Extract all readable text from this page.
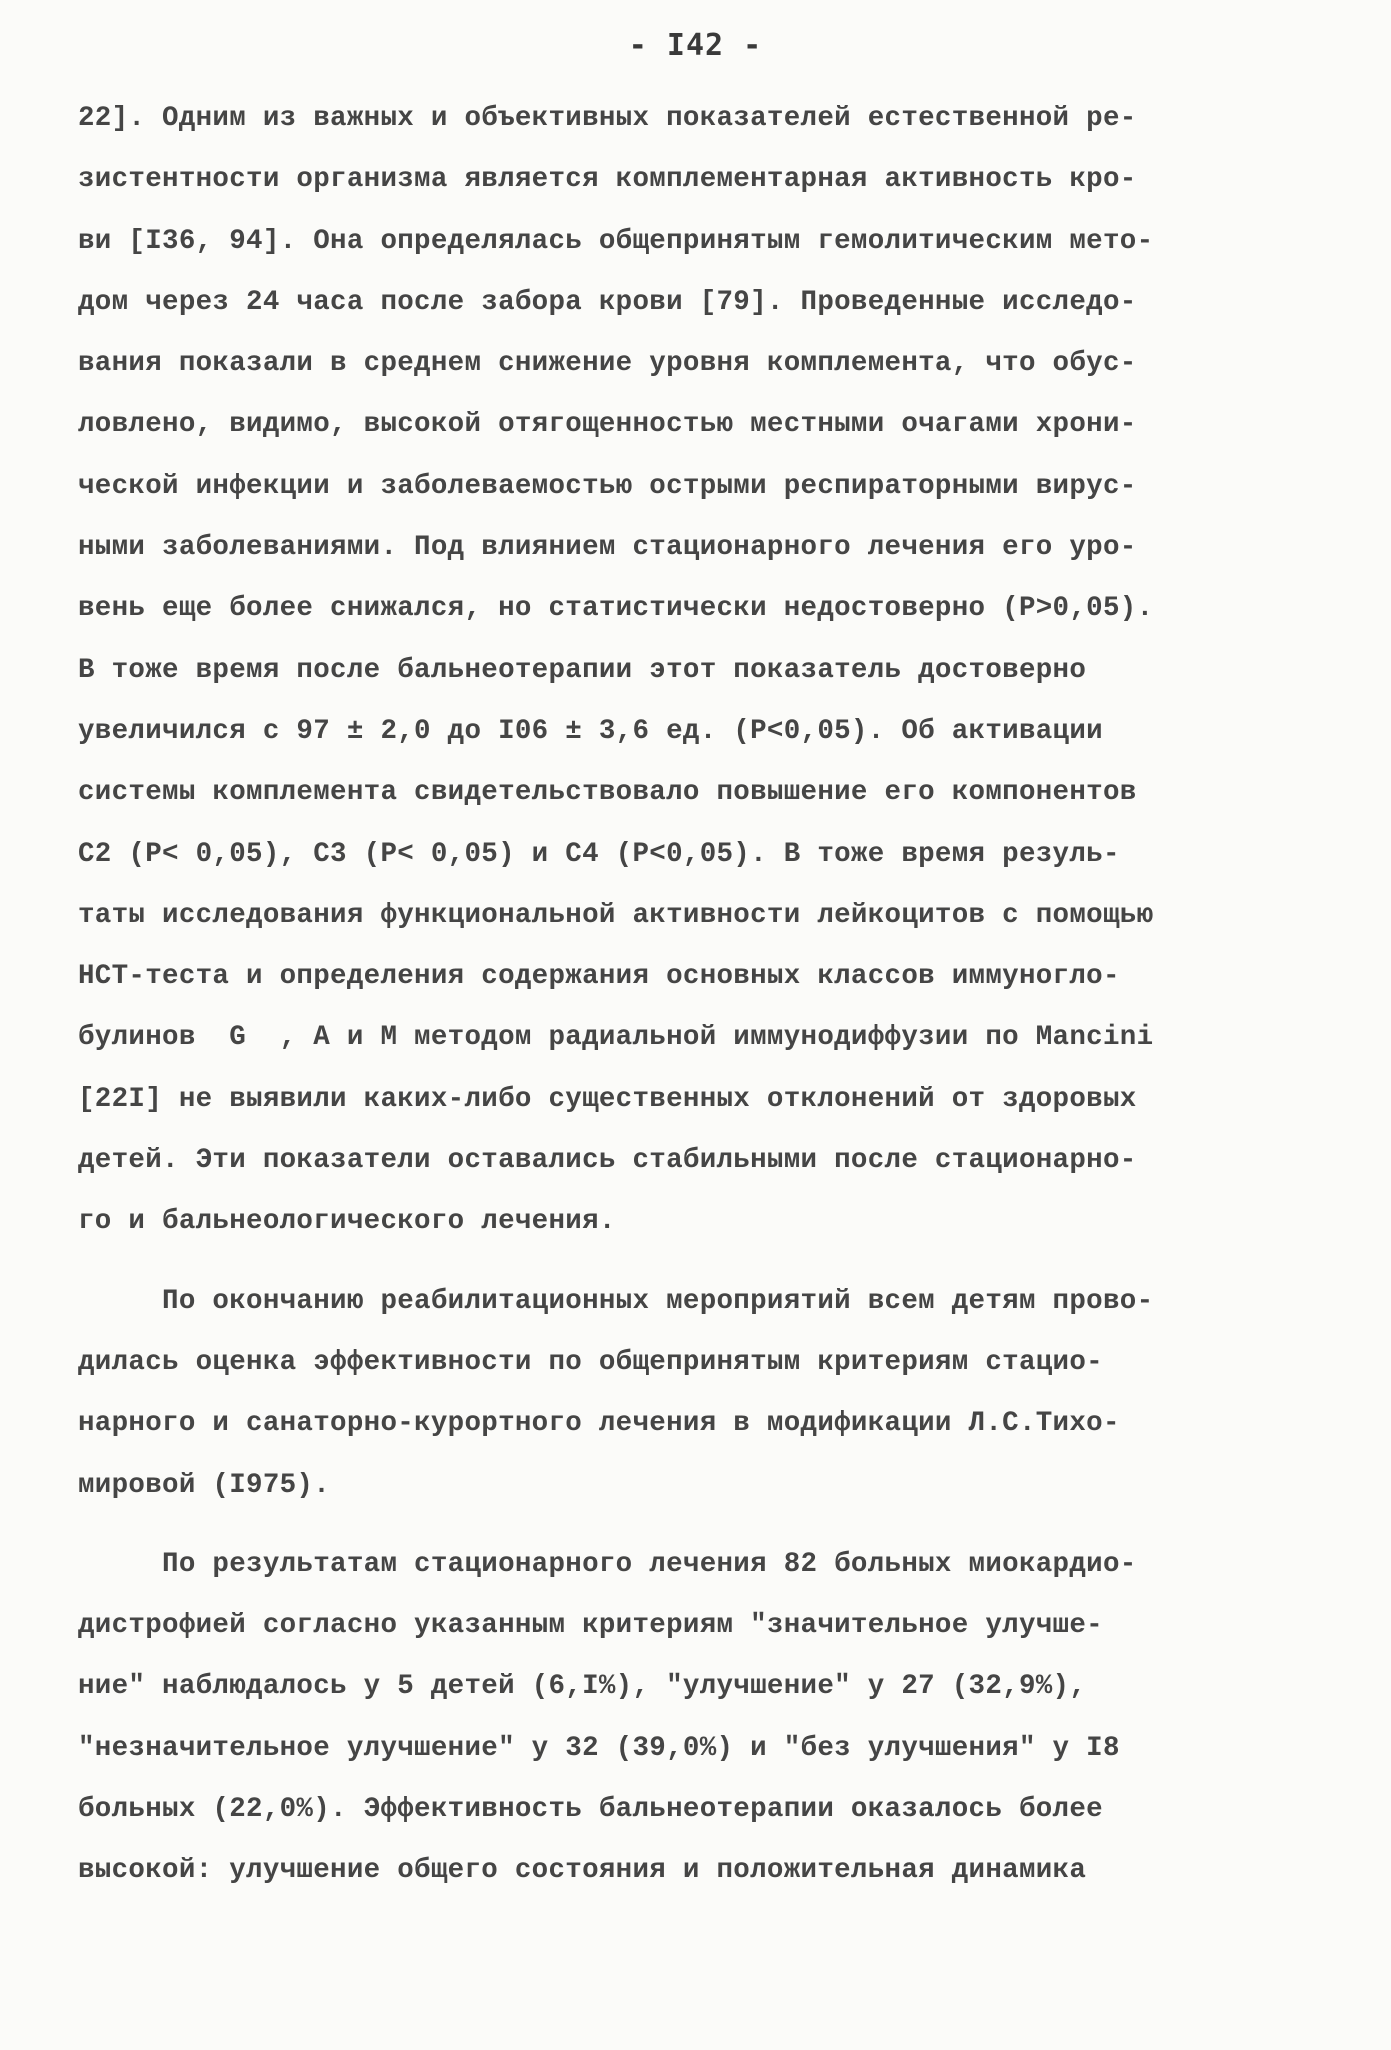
- I42 -
22]. Одним из важных и объективных показателей естественной ре-
зистентности организма является комплементарная активность кро-
ви [I36, 94]. Она определялась общепринятым гемолитическим мето-
дом через 24 часа после забора крови [79]. Проведенные исследо-
вания показали в среднем снижение уровня комплемента, что обус-
ловлено, видимо, высокой отягощенностью местными очагами хрони-
ческой инфекции и заболеваемостью острыми респираторными вирус-
ными заболеваниями. Под влиянием стационарного лечения его уро-
вень еще более снижался, но статистически недостоверно (P>0,05).
В тоже время после бальнеотерапии этот показатель достоверно
увеличился с 97 ± 2,0 до I06 ± 3,6 ед. (P<0,05). Об активации
системы комплемента свидетельствовало повышение его компонентов
C2 (P< 0,05), C3 (P< 0,05) и C4 (P<0,05). В тоже время резуль-
таты исследования функциональной активности лейкоцитов с помощью
НСТ-теста и определения содержания основных классов иммуногло-
булинов  G  , А и М методом радиальной иммунодиффузии по Mancini
[22I] не выявили каких-либо существенных отклонений от здоровых
детей. Эти показатели оставались стабильными после стационарно-
го и бальнеологического лечения.
По окончанию реабилитационных мероприятий всем детям прово-
дилась оценка эффективности по общепринятым критериям стацио-
нарного и санаторно-курортного лечения в модификации Л.С.Тихо-
мировой (I975).
По результатам стационарного лечения 82 больных миокардио-
дистрофией согласно указанным критериям "значительное улучше-
ние" наблюдалось у 5 детей (6,I%), "улучшение" у 27 (32,9%),
"незначительное улучшение" у 32 (39,0%) и "без улучшения" у I8
больных (22,0%). Эффективность бальнеотерапии оказалось более
высокой: улучшение общего состояния и положительная динамика
